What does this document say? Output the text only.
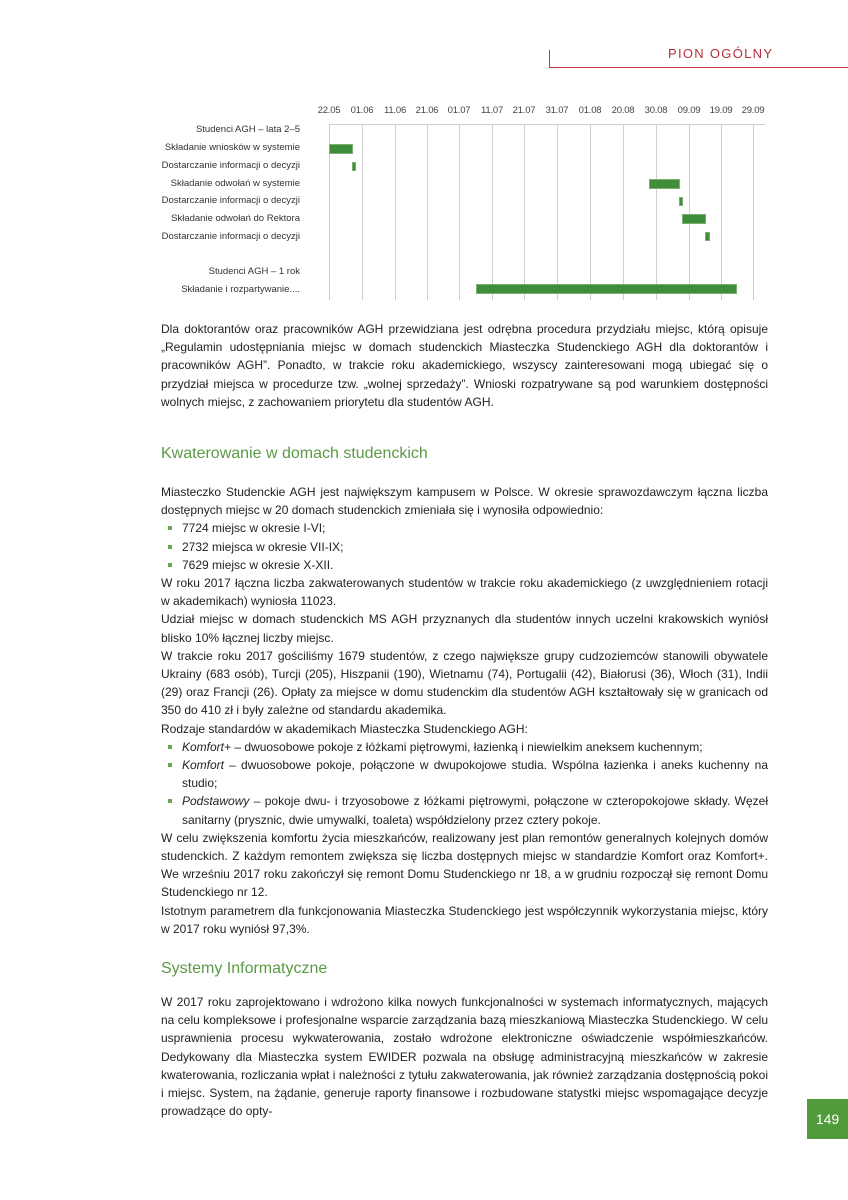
PION OGÓLNY
22.05 01.06 11.06 21.06 01.07 11.07 21.07 31.07 01.08 20.08 30.08 09.09 19.09 29.09
Studenci AGH – lata 2–5
Składanie wniosków w systemie
Dostarczanie informacji o decyzji
Składanie odwołań w systemie
Dostarczanie informacji o decyzji
Składanie odwołań do Rektora
Dostarczanie informacji o decyzji
Studenci AGH – 1 rok
Składanie i rozpartywanie....

Dla doktorantów oraz pracowników AGH przewidziana jest odrębna procedura przydziału miejsc, którą opisuje „Regulamin udostępniania miejsc w domach studenckich Miasteczka Studenckiego AGH dla doktorantów i pracowników AGH”. Ponadto, w trakcie roku akademickiego, wszyscy zainteresowani mogą ubiegać się o przydział miejsca w procedurze tzw. „wolnej sprzedaży”. Wnioski rozpatrywane są pod warunkiem dostępności wolnych miejsc, z zachowaniem priorytetu dla studentów AGH.

Kwaterowanie w domach studenckich

Miasteczko Studenckie AGH jest największym kampusem w Polsce. W okresie sprawozdawczym łączna liczba dostępnych miejsc w 20 domach studenckich zmieniała się i wynosiła odpowiednio:

7724 miejsc w okresie I-VI;
2732 miejsca w okresie VII-IX;
7629 miejsc w okresie X-XII.

W roku 2017 łączna liczba zakwaterowanych studentów w trakcie roku akademickiego (z uwzględnieniem rotacji w akademikach) wyniosła 11023.

Udział miejsc w domach studenckich MS AGH przyznanych dla studentów innych uczelni krakowskich wyniósł blisko 10% łącznej liczby miejsc.

W trakcie roku 2017 gościliśmy 1679 studentów, z czego największe grupy cudzoziemców stanowili obywatele Ukrainy (683 osób), Turcji (205), Hiszpanii (190), Wietnamu (74), Portugalii (42), Białorusi (36), Włoch (31), Indii (29) oraz Francji (26). Opłaty za miejsce w domu studenckim dla studentów AGH kształtowały się w granicach od 350 do 410 zł i były zależne od standardu akademika.

Rodzaje standardów w akademikach Miasteczka Studenckiego AGH:

Komfort+ – dwuosobowe pokoje z łóżkami piętrowymi, łazienką i niewielkim aneksem kuchennym;
Komfort – dwuosobowe pokoje, połączone w dwupokojowe studia. Wspólna łazienka i aneks kuchenny na studio;
Podstawowy – pokoje dwu- i trzyosobowe z łóżkami piętrowymi, połączone w czteropokojowe składy. Węzeł sanitarny (prysznic, dwie umywalki, toaleta) współdzielony przez cztery pokoje.

W celu zwiększenia komfortu życia mieszkańców, realizowany jest plan remontów generalnych kolejnych domów studenckich. Z każdym remontem zwiększa się liczba dostępnych miejsc w standardzie Komfort oraz Komfort+. We wrześniu 2017 roku zakończył się remont Domu Studenckiego nr 18, a w grudniu rozpoczął się remont Domu Studenckiego nr 12.

Istotnym parametrem dla funkcjonowania Miasteczka Studenckiego jest współczynnik wykorzystania miejsc, który w 2017 roku wyniósł 97,3%.

Systemy Informatyczne

W 2017 roku zaprojektowano i wdrożono kilka nowych funkcjonalności w systemach informatycznych, mających na celu kompleksowe i profesjonalne wsparcie zarządzania bazą mieszkaniową Miasteczka Studenckiego. W celu usprawnienia procesu wykwaterowania, zostało wdrożone elektroniczne oświadczenie współmieszkańców. Dedykowany dla Miasteczka system EWIDER pozwala na obsługę administracyjną mieszkańców w zakresie kwaterowania, rozliczania wpłat i należności z tytułu zakwaterowania, jak również zarządzania dostępnością pokoi i miejsc. System, na żądanie, generuje raporty finansowe i rozbudowane statystki miejsc wspomagające decyzje prowadzące do opty-	149
